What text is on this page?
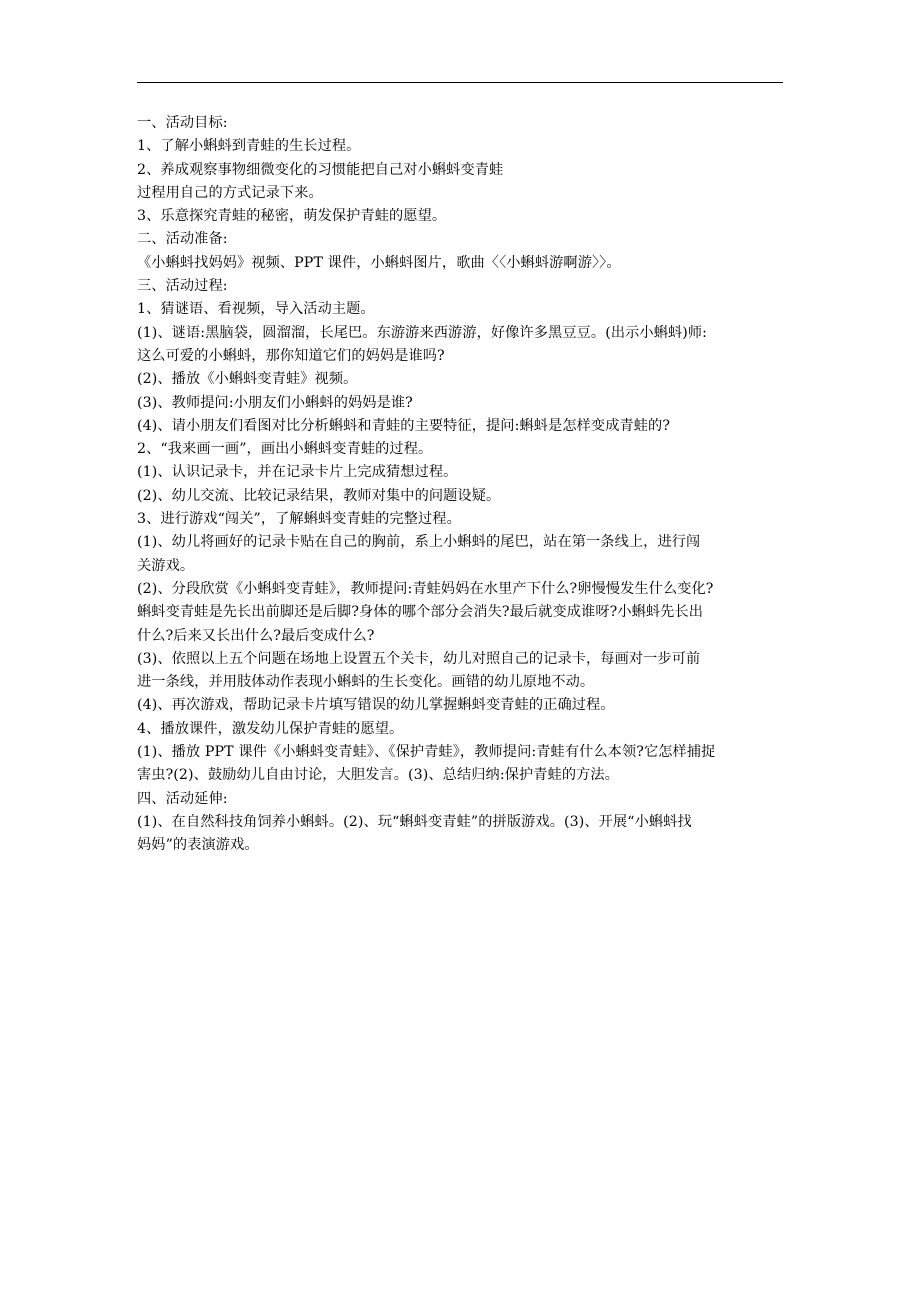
一、活动目标:
1、了解小蝌蚪到青蛙的生长过程。
2、养成观察事物细微变化的习惯能把自己对小蝌蚪变青蛙
过程用自己的方式记录下来。
3、乐意探究青蛙的秘密，萌发保护青蛙的愿望。
二、活动准备:
《小蝌蚪找妈妈》视频、PPT 课件，小蝌蚪图片，歌曲〈〈小蝌蚪游啊游〉〉。
三、活动过程:
1、猜谜语、看视频，导入活动主题。
(1)、谜语:黑脑袋，圆溜溜，长尾巴。东游游来西游游，好像许多黑豆豆。(出示小蝌蚪)师:
这么可爱的小蝌蚪，那你知道它们的妈妈是谁吗?
(2)、播放《小蝌蚪变青蛙》视频。
(3)、教师提问:小朋友们小蝌蚪的妈妈是谁?
(4)、请小朋友们看图对比分析蝌蚪和青蛙的主要特征，提问:蝌蚪是怎样变成青蛙的?
2、“我来画一画”，画出小蝌蚪变青蛙的过程。
(1)、认识记录卡，并在记录卡片上完成猜想过程。
(2)、幼儿交流、比较记录结果，教师对集中的问题设疑。
3、进行游戏“闯关”，了解蝌蚪变青蛙的完整过程。
(1)、幼儿将画好的记录卡贴在自己的胸前，系上小蝌蚪的尾巴，站在第一条线上，进行闯
关游戏。
(2)、分段欣赏《小蝌蚪变青蛙》，教师提问:青蛙妈妈在水里产下什么?卵慢慢发生什么变化?
蝌蚪变青蛙是先长出前脚还是后脚?身体的哪个部分会消失?最后就变成谁呀?小蝌蚪先长出
什么?后来又长出什么?最后变成什么?
(3)、依照以上五个问题在场地上设置五个关卡，幼儿对照自己的记录卡，每画对一步可前
进一条线，并用肢体动作表现小蝌蚪的生长变化。画错的幼儿原地不动。
(4)、再次游戏，帮助记录卡片填写错误的幼儿掌握蝌蚪变青蛙的正确过程。
4、播放课件，激发幼儿保护青蛙的愿望。
(1)、播放 PPT 课件《小蝌蚪变青蛙》、《保护青蛙》，教师提问:青蛙有什么本领?它怎样捕捉
害虫?(2)、鼓励幼儿自由讨论，大胆发言。(3)、总结归纳:保护青蛙的方法。
四、活动延伸:
(1)、在自然科技角饲养小蝌蚪。(2)、玩“蝌蚪变青蛙”的拼版游戏。(3)、开展“小蝌蚪找
妈妈”的表演游戏。
